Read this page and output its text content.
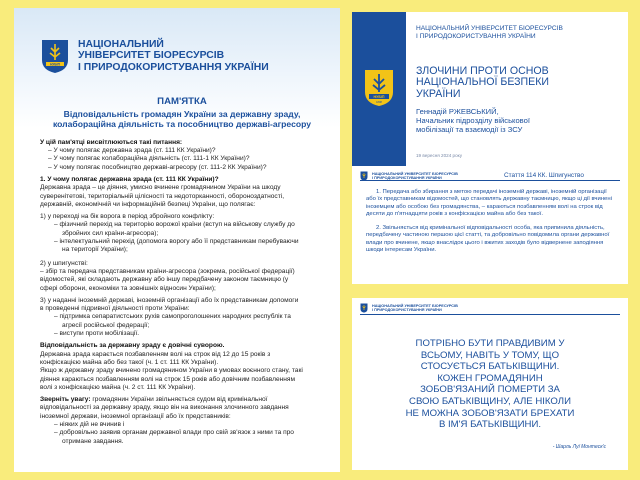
НУБІП
НАЦІОНАЛЬНИЙ
УНІВЕРСИТЕТ БІОРЕСУРСІВ
І ПРИРОДОКОРИСТУВАННЯ УКРАЇНИ
ПАМ'ЯТКА
Відповідальність громадян України за державну зраду,
колабораційна діяльність та пособництво державі-агресору
У цій пам'ятці висвітлюються такі питання:
– У чому полягає державна зрада (ст. 111 КК України)?
– У чому полягає колабораційна діяльність (ст. 111-1 КК України)?
– У чому полягає пособництво державі-агресору (ст. 111-2 КК України)?
1. У чому полягає державна зрада (ст. 111 КК України)?
Державна зрада – це діяння, умисно вчинене громадянином України на шкоду
суверенітетові, територіальній цілісності та недоторканності, обороноздатності,
державній, економічній чи інформаційній безпеці України, що полягає:
1) у переході на бік ворога в період збройного конфлікту:
– фізичний перехід на територію ворожої країни (вступ на військову службу до
збройних сил країни-агресора);
– інтелектуальний перехід (допомога ворогу або її представникам перебуваючи
на території України);
2) у шпигунстві:
– збір та передача представникам країни-агресора (зокрема, російської федерації)
відомостей, які складають державну або іншу передбачену законом таємницю (у
сфері оборони, економіки та зовнішніх відносин України);
3) у наданні іноземній державі, іноземній організації або їх представникам допомоги
в проведенні підривної діяльності проти України:
– підтримка сепаратистських рухів самопроголошених народних республік та
агресії російської федерації;
– виступи проти мобілізації.
Відповідальність за державну зраду є довічні суворою.
Державна зрада карається позбавленням волі на строк від 12 до 15 років з
конфіскацією майна або без такої (ч. 1 ст. 111 КК України).
Якщо ж державну зраду вчинено громадянином України в умовах воєнного стану, такі
діяння караються позбавленням волі на строк 15 років або довічним позбавленням
волі з конфіскацією майна (ч. 2 ст. 111 КК України).
Зверніть увагу: громадянин України звільняється судом від кримінальної
відповідальності за державну зраду, якщо він на виконання злочинного завдання
іноземної держави, іноземної організації або їх представників:
– ніяких дій не вчинив і
– добровільно заявив органам державної влади про свій зв'язок з ними та про
отримане завдання.
НУБІП
1898
НАЦІОНАЛЬНИЙ УНІВЕРСИТЕТ БІОРЕСУРСІВ
І ПРИРОДОКОРИСТУВАННЯ УКРАЇНИ
ЗЛОЧИНИ ПРОТИ ОСНОВ
НАЦІОНАЛЬНОЇ БЕЗПЕКИ
УКРАЇНИ
Геннадій РЖЕВСЬКИЙ,
Начальник підрозділу військової
мобілізації та взаємодії із ЗСУ
19 вересня 2024 року
НАЦІОНАЛЬНИЙ УНІВЕРСИТЕТ БІОРЕСУРСІВ
І ПРИРОДОКОРИСТУВАННЯ УКРАЇНИ	Стаття 114 КК. Шпигунство

1. Передача або збирання з метою передачі іноземній державі, іноземній організації або їх представникам відомостей, що становлять державну таємницю, якщо ці дії вчинені іноземцем або особою без громадянства, – караються позбавленням волі на строк від десяти до п'ятнадцяти років з конфіскацією майна або без такої.

2. Звільняється від кримінальної відповідальності особа, яка припинила діяльність, передбачену частиною першою цієї статті, та добровільно повідомила органи державної влади про вчинене, якщо внаслідок цього і вжитих заходів було відвернене заподіяння шкоди інтересам України.

НАЦІОНАЛЬНИЙ УНІВЕРСИТЕТ БІОРЕСУРСІВ
І ПРИРОДОКОРИСТУВАННЯ УКРАЇНИ
ПОТРІБНО БУТИ ПРАВДИВИМ У
ВСЬОМУ, НАВІТЬ У ТОМУ, ЩО
СТОСУЄТЬСЯ БАТЬКІВЩИНИ.
КОЖЕН ГРОМАДЯНИН
ЗОБОВ'ЯЗАНИЙ ПОМЕРТИ ЗА
СВОЮ БАТЬКІВЩИНУ, АЛЕ НІКОЛИ
НЕ МОЖНА ЗОБОВ'ЯЗАТИ БРЕХАТИ
В ІМ'Я БАТЬКІВЩИНИ.
- Шарль Луї Монтеск'є
